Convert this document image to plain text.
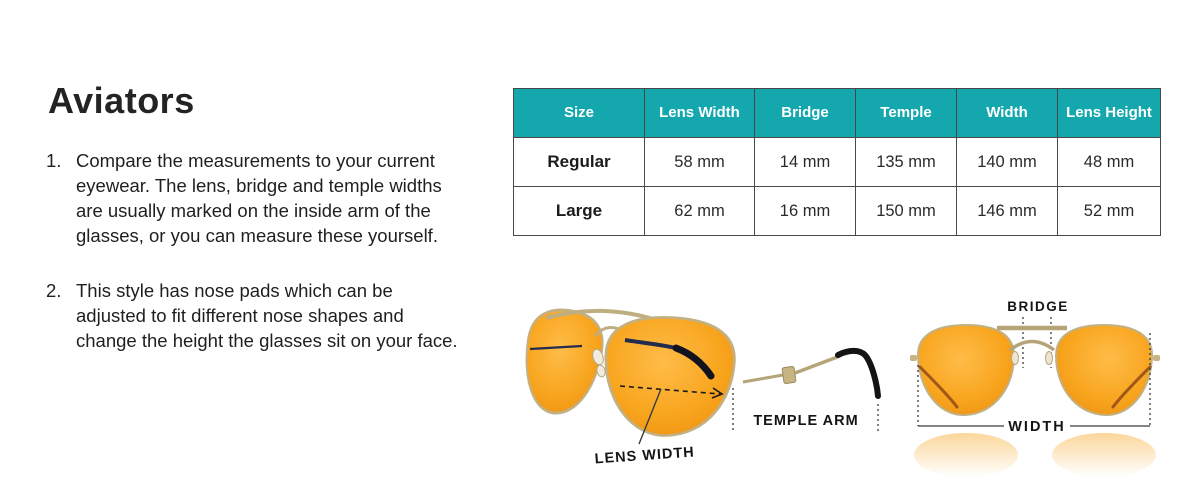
Aviators
1. Compare the measurements to your current eyewear. The lens, bridge and temple widths are usually marked on the inside arm of the glasses, or you can measure these yourself.
2. This style has nose pads which can be adjusted to fit different nose shapes and change the height the glasses sit on your face.
Size	Lens Width	Bridge	Temple	Width	Lens Height
Regular	58 mm	14 mm	135 mm	140 mm	48 mm
Large	62 mm	16 mm	150 mm	146 mm	52 mm
LENS WIDTH
TEMPLE ARM
BRIDGE
WIDTH
